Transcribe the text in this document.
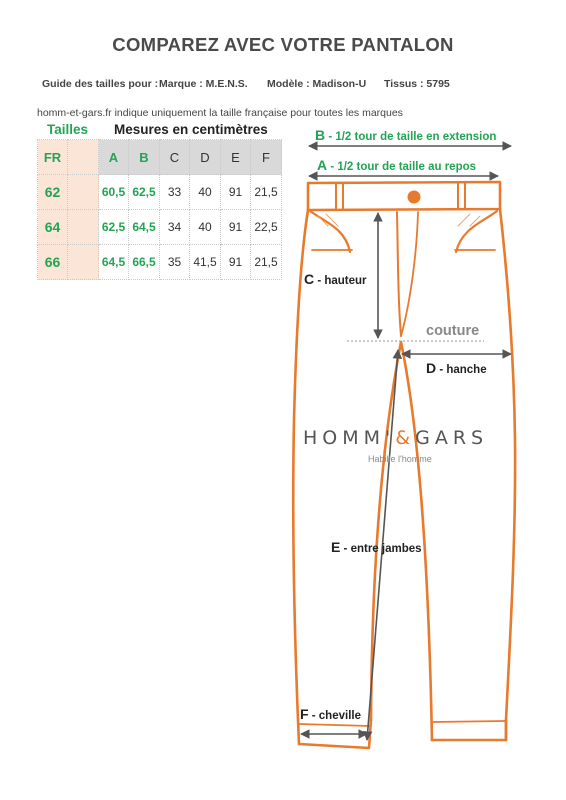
COMPAREZ AVEC VOTRE PANTALON
Guide des tailles pour : Marque : M.E.N.S. Modèle : Madison-U Tissus : 5795
homm-et-gars.fr indique uniquement la taille française pour toutes les marques
Tailles Mesures en centimètres
FR		A	B	C	D	E	F
62		60,5	62,5	33	40	91	21,5
64		62,5	64,5	34	40	91	22,5
66		64,5	66,5	35	41,5	91	21,5
B - 1/2 tour de taille en extension
A - 1/2 tour de taille au repos
C - hauteur
couture
D - hanche
E - entre jambes
F - cheville
HOMM'&GARS
Habille l'homme
